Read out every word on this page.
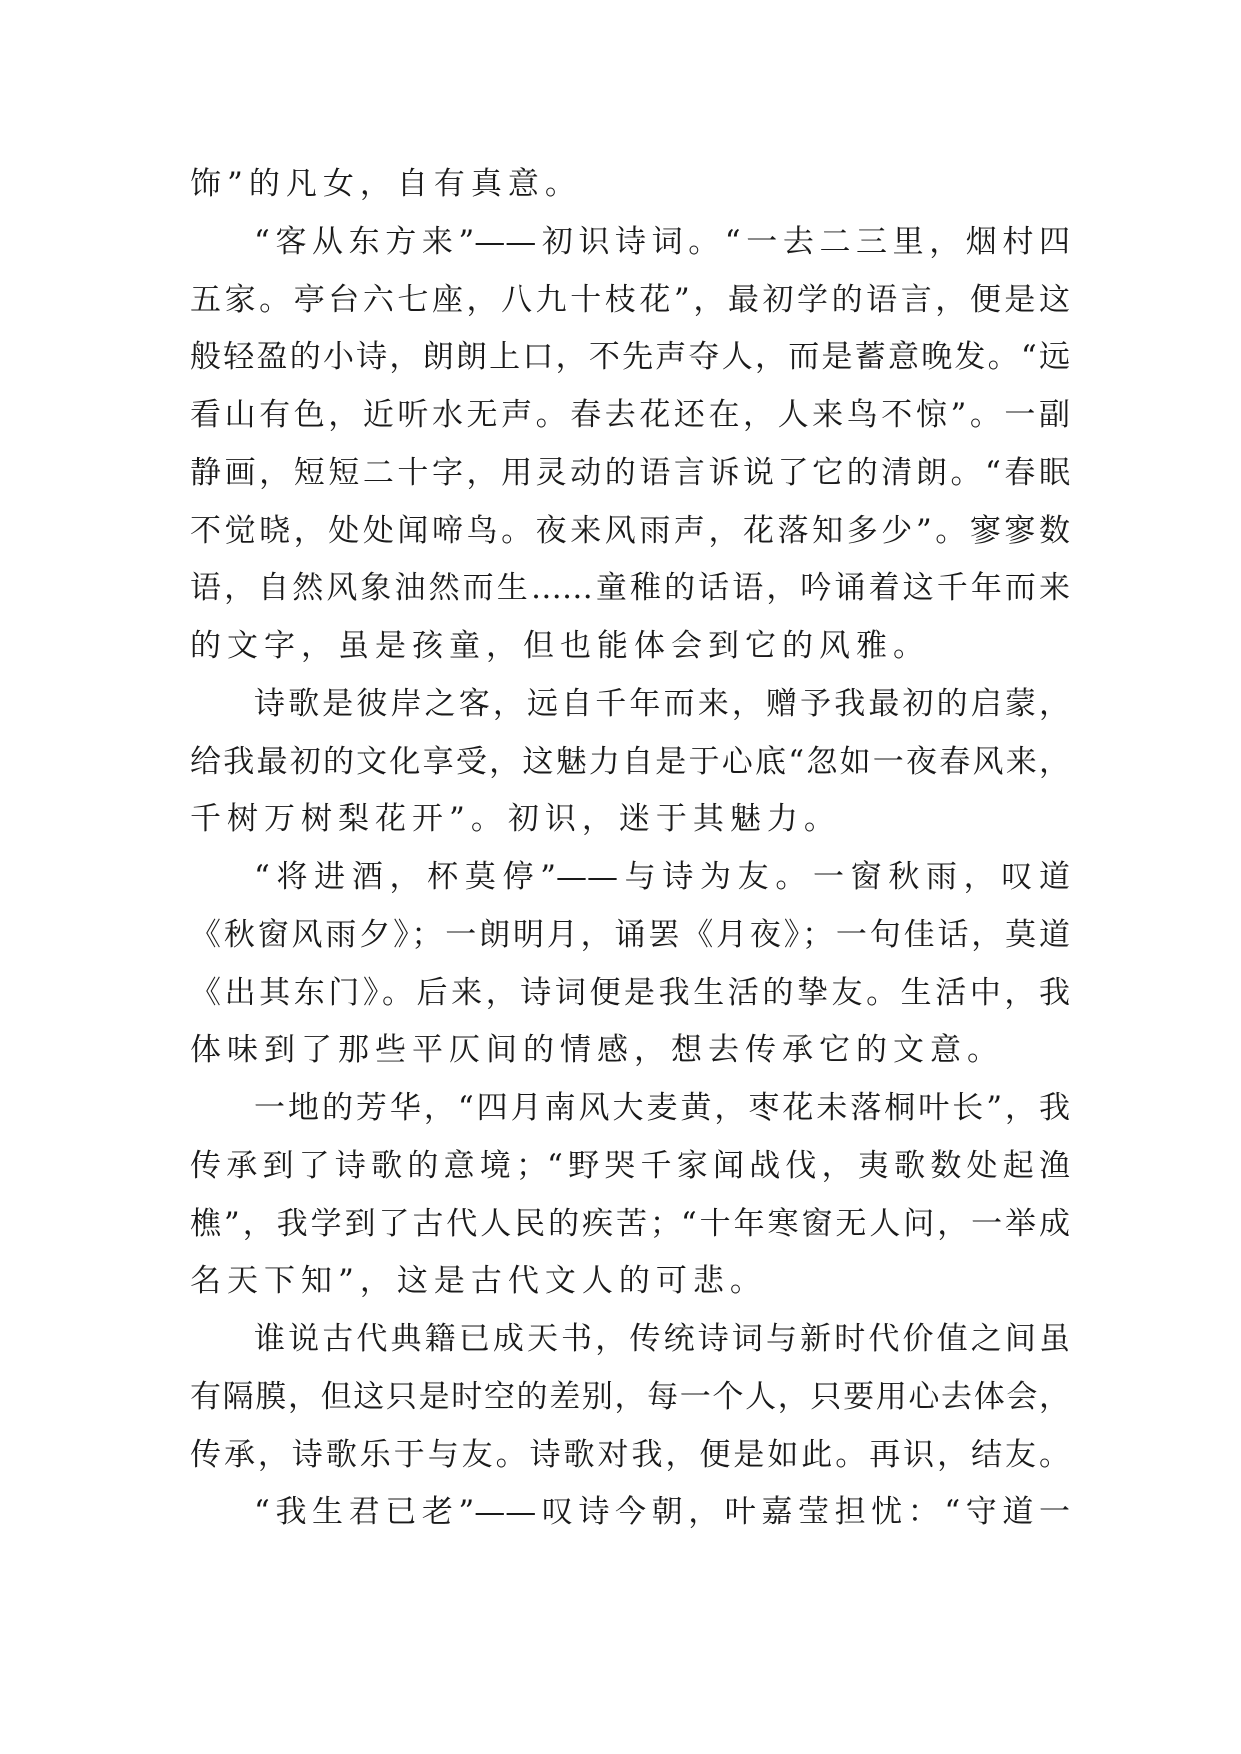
饰”的凡女，自有真意。
“客从东方来”——初识诗词。“一去二三里，烟村四
五家。亭台六七座，八九十枝花”，最初学的语言，便是这
般轻盈的小诗，朗朗上口，不先声夺人，而是蓄意晚发。“远
看山有色，近听水无声。春去花还在，人来鸟不惊”。一副
静画，短短二十字，用灵动的语言诉说了它的清朗。“春眠
不觉晓，处处闻啼鸟。夜来风雨声，花落知多少”。寥寥数
语，自然风象油然而生……童稚的话语，吟诵着这千年而来
的文字，虽是孩童，但也能体会到它的风雅。
诗歌是彼岸之客，远自千年而来，赠予我最初的启蒙，
给我最初的文化享受，这魅力自是于心底“忽如一夜春风来，
千树万树梨花开”。初识，迷于其魅力。
“将进酒，杯莫停”——与诗为友。一窗秋雨，叹道
《秋窗风雨夕》；一朗明月，诵罢《月夜》；一句佳话，莫道
《出其东门》。后来，诗词便是我生活的挚友。生活中，我
体味到了那些平仄间的情感，想去传承它的文意。
一地的芳华，“四月南风大麦黄，枣花未落桐叶长”，我
传承到了诗歌的意境；“野哭千家闻战伐，夷歌数处起渔
樵”，我学到了古代人民的疾苦；“十年寒窗无人问，一举成
名天下知”，这是古代文人的可悲。
谁说古代典籍已成天书，传统诗词与新时代价值之间虽
有隔膜，但这只是时空的差别，每一个人，只要用心去体会，
传承，诗歌乐于与友。诗歌对我，便是如此。再识，结友。
“我生君已老”——叹诗今朝，叶嘉莹担忧：“守道一
